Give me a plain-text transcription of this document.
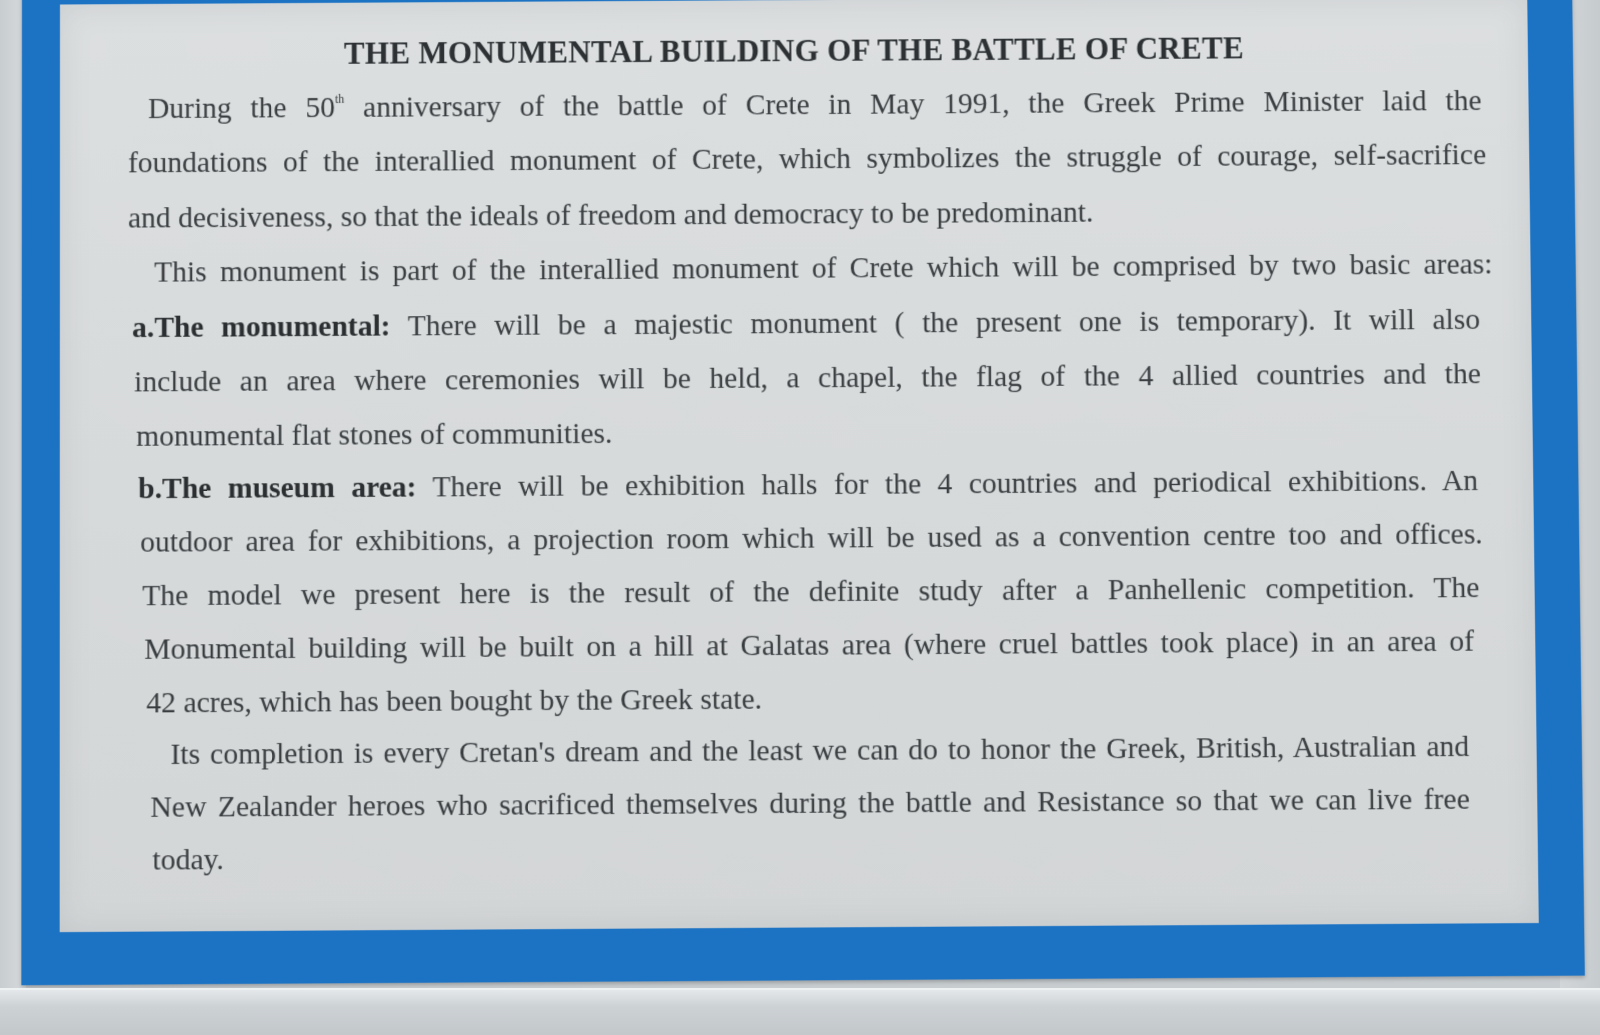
THE MONUMENTAL BUILDING OF THE BATTLE OF CRETE
During the 50th anniversary of the battle of Crete in May 1991, the Greek Prime Minister laid the
foundations of the interallied monument of Crete, which symbolizes the struggle of courage, self-sacrifice
and decisiveness, so that the ideals of freedom and democracy to be predominant.
This monument is part of the interallied monument of Crete which will be comprised by two basic areas:
a.The monumental: There will be a majestic monument ( the present one is temporary). It will also
include an area where ceremonies will be held, a chapel, the flag of the 4 allied countries and the
monumental flat stones of communities.
b.The museum area: There will be exhibition halls for the 4 countries and periodical exhibitions. An
outdoor area for exhibitions, a projection room which will be used as a convention centre too and offices.
The model we present here is the result of the definite study after a Panhellenic competition. The
Monumental building will be built on a hill at Galatas area (where cruel battles took place) in an area of
42 acres, which has been bought by the Greek state.
Its completion is every Cretan's dream and the least we can do to honor the Greek, British, Australian and
New Zealander heroes who sacrificed themselves during the battle and Resistance so that we can live free
today.
